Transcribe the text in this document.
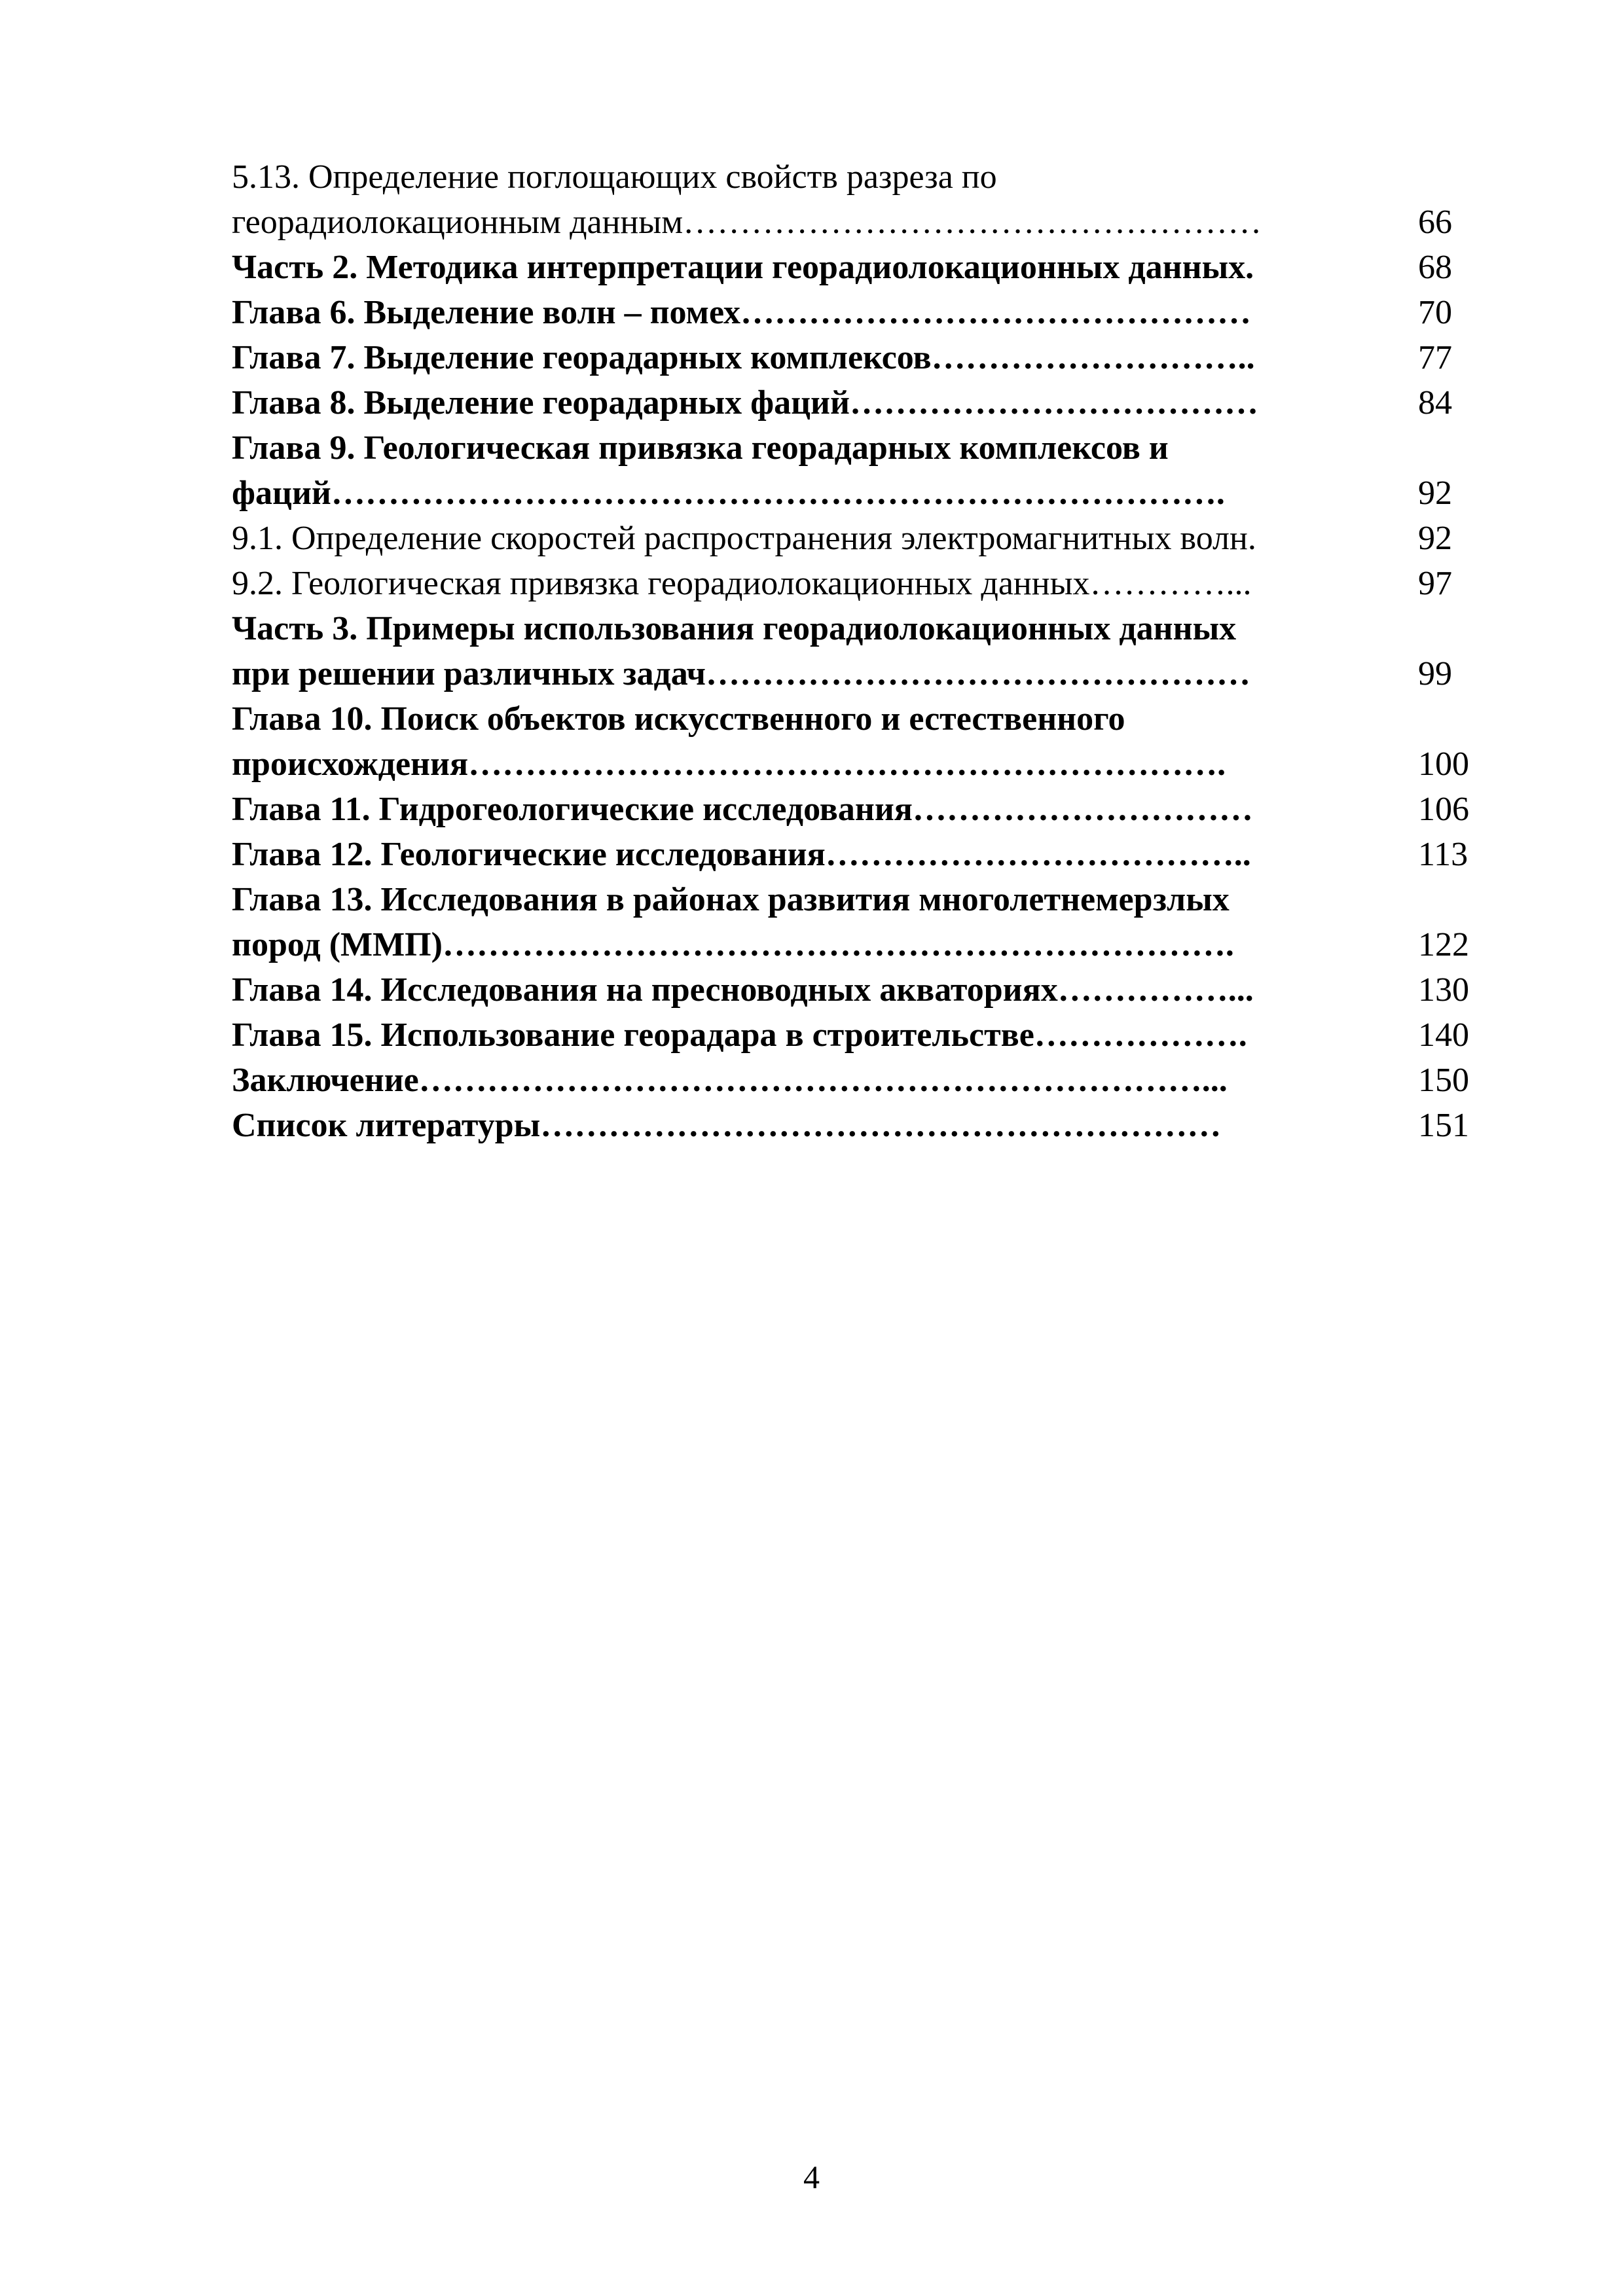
5.13. Определение поглощающих свойств разреза по
георадиолокационным данным……………………………………………	66
Часть 2. Методика интерпретации георадиолокационных данных.	68
Глава 6. Выделение волн – помех………………………………………	70
Глава 7. Выделение георадарных комплексов………………………..	77
Глава 8. Выделение георадарных фаций………………………………	84
Глава 9. Геологическая привязка георадарных комплексов и
фаций…………………………………………………………………….	92
9.1. Определение скоростей распространения электромагнитных волн.	92
9.2. Геологическая привязка георадиолокационных данных…………...	97
Часть 3. Примеры использования георадиолокационных данных
при решении различных задач…………………………………………	99
Глава 10. Поиск объектов искусственного и естественного
происхождения………………………………………………………….	100
Глава 11. Гидрогеологические исследования…………………………	106
Глава 12. Геологические исследования………………………………..	113
Глава 13. Исследования в районах развития многолетнемерзлых
пород (ММП)…………………………………………………………….	122
Глава 14. Исследования на пресноводных акваториях……………...	130
Глава 15. Использование георадара в строительстве……………….	140
Заключение……………………………………………………………...	150
Список литературы……………………………………………………	151
4
